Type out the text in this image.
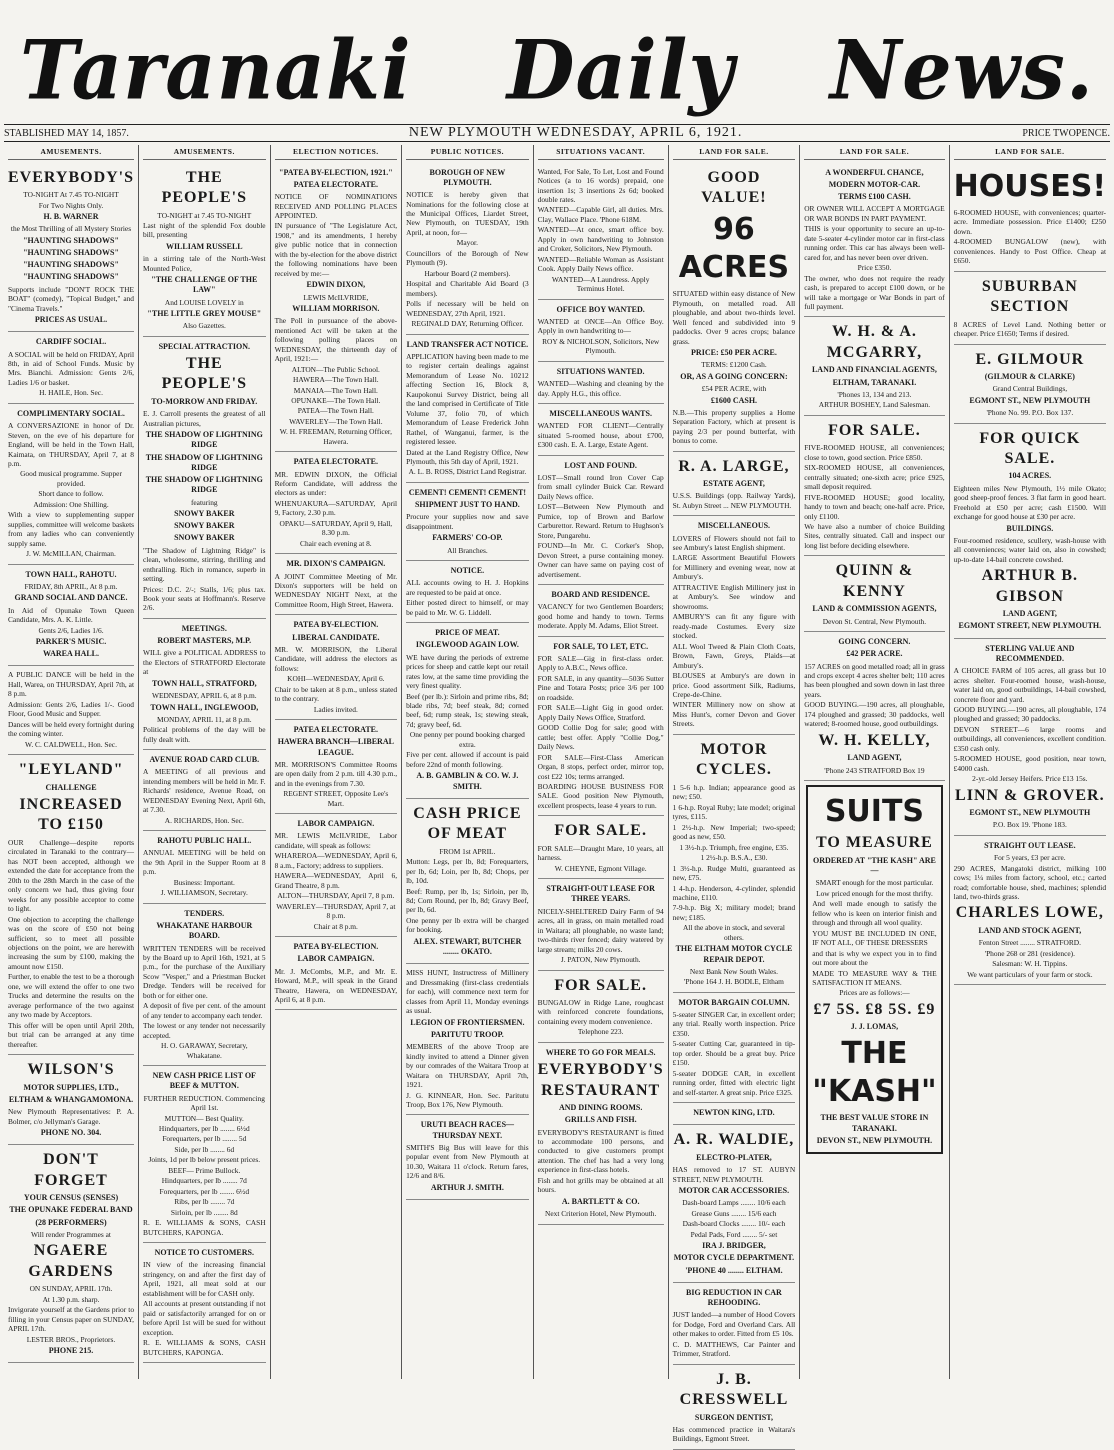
Taranaki Daily News.
STABLISHED MAY 14, 1857.	NEW PLYMOUTH WEDNESDAY, APRIL 6, 1921.	PRICE TWOPENCE.
AMUSEMENTS.
EVERYBODY'S
TO-NIGHT At 7.45 TO-NIGHT
For Two Nights Only.
H. B. WARNER
the Most Thrilling of all Mystery Stories
"HAUNTING SHADOWS"
"HAUNTING SHADOWS"
"HAUNTING SHADOWS"
"HAUNTING SHADOWS"
Supports include "DON'T ROCK THE BOAT" (comedy), "Topical Budget," and "Cinema Travels."
PRICES AS USUAL.
CARDIFF SOCIAL.
A SOCIAL will be held on FRIDAY, April 8th, in aid of School Funds. Music by Mrs. Bianchi. Admission: Gents 2/6, Ladies 1/6 or basket.
H. HAILE, Hon. Sec.
COMPLIMENTARY SOCIAL.
A CONVERSAZIONE in honor of Dr. Steven, on the eve of his departure for England, will be held in the Town Hall, Kaimata, on THURSDAY, April 7, at 8 p.m.
Good musical programme. Supper provided.
Short dance to follow.
Admission: One Shilling.
With a view to supplementing supper supplies, committee will welcome baskets from any ladies who can conveniently supply same.
J. W. McMILLAN, Chairman.
TOWN HALL, RAHOTU.
FRIDAY, 8th APRIL, At 8 p.m.
GRAND SOCIAL AND DANCE.
In Aid of Opunake Town Queen Candidate, Mrs. A. K. Little.
Gents 2/6, Ladies 1/6.
PARKER'S MUSIC.
WAREA HALL.
A PUBLIC DANCE will be held in the Hall, Warea, on THURSDAY, April 7th, at 8 p.m.
Admission: Gents 2/6, Ladies 1/-. Good Floor, Good Music and Supper.
Dances will be held every fortnight during the coming winter.
W. C. CALDWELL, Hon. Sec.
"LEYLAND"
CHALLENGE
INCREASED TO £150
OUR Challenge—despite reports circulated in Taranaki to the contrary—has NOT been accepted, although we extended the date for acceptance from the 20th to the 28th March in the case of the only concern we had, thus giving four weeks for any possible acceptor to come to light.
One objection to accepting the challenge was on the score of £50 not being sufficient, so to meet all possible objections on the point, we are herewith increasing the sum by £100, making the amount now £150.
Further, to enable the test to be a thorough one, we will extend the offer to one two Trucks and determine the results on the average performance of the two against any two made by Acceptors.
This offer will be open until April 20th, but trial can be arranged at any time thereafter.
WILSON'S
MOTOR SUPPLIES, LTD.,
ELTHAM & WHANGAMOMONA.
New Plymouth Representatives: P. A. Bolmer, c/o Jellyman's Garage.
PHONE NO. 304.
DON'T FORGET
YOUR CENSUS (SENSES)
THE OPUNAKE FEDERAL BAND
(28 PERFORMERS)
Will render Programmes at
NGAERE GARDENS
ON SUNDAY, APRIL 17th.
At 1.30 p.m. sharp.
Invigorate yourself at the Gardens prior to filling in your Census paper on SUNDAY, APRIL 17th.
LESTER BROS., Proprietors.
PHONE 215.
AMUSEMENTS.
THE PEOPLE'S
TO-NIGHT at 7.45 TO-NIGHT
Last night of the splendid Fox double bill, presenting
WILLIAM RUSSELL
in a stirring tale of the North-West Mounted Police,
"THE CHALLENGE OF THE LAW"
And LOUISE LOVELY in
"THE LITTLE GREY MOUSE"
Also Gazettes.
SPECIAL ATTRACTION.
THE PEOPLE'S
TO-MORROW AND FRIDAY.
E. J. Carroll presents the greatest of all Australian pictures,
THE SHADOW OF LIGHTNING RIDGE
THE SHADOW OF LIGHTNING RIDGE
THE SHADOW OF LIGHTNING RIDGE
featuring
SNOWY BAKER
SNOWY BAKER
SNOWY BAKER
"The Shadow of Lightning Ridge" is clean, wholesome, stirring, thrilling and enthralling. Rich in romance, superb in setting.
Prices: D.C. 2/-; Stalls, 1/6; plus tax. Book your seats at Hoffmann's. Reserve 2/6.
MEETINGS.
ROBERT MASTERS, M.P.
WILL give a POLITICAL ADDRESS to the Electors of STRATFORD Electorate at
TOWN HALL, STRATFORD,
WEDNESDAY, APRIL 6, at 8 p.m.
TOWN HALL, INGLEWOOD,
MONDAY, APRIL 11, at 8 p.m.
Political problems of the day will be fully dealt with.
AVENUE ROAD CARD CLUB.
A MEETING of all previous and intending members will be held in Mr. F. Richards' residence, Avenue Road, on WEDNESDAY Evening Next, April 6th, at 7.30.
A. RICHARDS, Hon. Sec.
RAHOTU PUBLIC HALL.
ANNUAL MEETING will be held on the 9th April in the Supper Room at 8 p.m.
Business: Important.
J. WILLIAMSON, Secretary.
TENDERS.
WHAKATANE HARBOUR BOARD.
WRITTEN TENDERS will be received by the Board up to April 16th, 1921, at 5 p.m., for the purchase of the Auxiliary Scow "Vesper," and a Priestman Bucket Dredge. Tenders will be received for both or for either one.
A deposit of five per cent. of the amount of any tender to accompany each tender.
The lowest or any tender not necessarily accepted.
H. O. GARAWAY, Secretary, Whakatane.
NEW CASH PRICE LIST OF BEEF & MUTTON.
FURTHER REDUCTION. Commencing April 1st.
MUTTON— Best Quality.
Hindquarters, per lb ........ 6½d
Forequarters, per lb ........ 5d
Side, per lb ........ 6d
Joints, 1d per lb below present prices.
BEEF— Prime Bullock.
Hindquarters, per lb ........ 7d
Forequarters, per lb ........ 6½d
Ribs, per lb ........ 7d
Sirloin, per lb ........ 8d
R. E. WILLIAMS & SONS, CASH BUTCHERS, KAPONGA.
NOTICE TO CUSTOMERS.
IN view of the increasing financial stringency, on and after the first day of April, 1921, all meat sold at our establishment will be for CASH only.
All accounts at present outstanding if not paid or satisfactorily arranged for on or before April 1st will be sued for without exception.
R. E. WILLIAMS & SONS, CASH BUTCHERS, KAPONGA.
ELECTION NOTICES.
"PATEA BY-ELECTION, 1921."
PATEA ELECTORATE.
NOTICE OF NOMINATIONS RECEIVED AND POLLING PLACES APPOINTED.
IN pursuance of "The Legislature Act, 1908," and its amendments, I hereby give public notice that in connection with the by-election for the above district the following nominations have been received by me:—
EDWIN DIXON,
LEWIS McILVRIDE,
WILLIAM MORRISON.
The Poll in pursuance of the above-mentioned Act will be taken at the following polling places on WEDNESDAY, the thirteenth day of April, 1921:—
ALTON—The Public School.
HAWERA—The Town Hall.
MANAIA—The Town Hall.
OPUNAKE—The Town Hall.
PATEA—The Town Hall.
WAVERLEY—The Town Hall.
W. H. FREEMAN, Returning Officer, Hawera.
PATEA ELECTORATE.
MR. EDWIN DIXON, the Official Reform Candidate, will address the electors as under:
WHENUAKURA—SATURDAY, April 9, Factory, 2.30 p.m.
OPAKU—SATURDAY, April 9, Hall, 8.30 p.m.
Chair each evening at 8.
MR. DIXON'S CAMPAIGN.
A JOINT Committee Meeting of Mr. Dixon's supporters will be held on WEDNESDAY NIGHT Next, at the Committee Room, High Street, Hawera.
PATEA BY-ELECTION.
LIBERAL CANDIDATE.
MR. W. MORRISON, the Liberal Candidate, will address the electors as follows:
KOHI—WEDNESDAY, April 6.
Chair to be taken at 8 p.m., unless stated to the contrary.
Ladies invited.
PATEA ELECTORATE.
HAWERA BRANCH—LIBERAL LEAGUE.
MR. MORRISON'S Committee Rooms are open daily from 2 p.m. till 4.30 p.m., and in the evenings from 7.30.
REGENT STREET, Opposite Lee's Mart.
LABOR CAMPAIGN.
MR. LEWIS McILVRIDE, Labor candidate, will speak as follows:
WHAREROA—WEDNESDAY, April 6, 8 a.m., Factory; address to suppliers.
HAWERA—WEDNESDAY, April 6, Grand Theatre, 8 p.m.
ALTON—THURSDAY, April 7, 8 p.m.
WAVERLEY—THURSDAY, April 7, at 8 p.m.
Chair at 8 p.m.
PATEA BY-ELECTION.
LABOR CAMPAIGN.
Mr. J. McCombs, M.P., and Mr. E. Howard, M.P., will speak in the Grand Theatre, Hawera, on WEDNESDAY, April 6, at 8 p.m.
PUBLIC NOTICES.
BOROUGH OF NEW PLYMOUTH.
NOTICE is hereby given that Nominations for the following close at the Municipal Offices, Liardet Street, New Plymouth, on TUESDAY, 19th April, at noon, for—
Mayor.
Councillors of the Borough of New Plymouth (9).
Harbour Board (2 members).
Hospital and Charitable Aid Board (3 members).
Polls if necessary will be held on WEDNESDAY, 27th April, 1921.
REGINALD DAY, Returning Officer.
LAND TRANSFER ACT NOTICE.
APPLICATION having been made to me to register certain dealings against Memorandum of Lease No. 10212 affecting Section 16, Block 8, Kaupokonui Survey District, being all the land comprised in Certificate of Title Volume 37, folio 70, of which Memorandum of Lease Frederick John Rathel, of Wanganui, farmer, is the registered lessee.
Dated at the Land Registry Office, New Plymouth, this 5th day of April, 1921.
A. L. B. ROSS, District Land Registrar.
CEMENT! CEMENT! CEMENT!
SHIPMENT JUST TO HAND.
Procure your supplies now and save disappointment.
FARMERS' CO-OP.
All Branches.
NOTICE.
ALL accounts owing to H. J. Hopkins are requested to be paid at once.
Either posted direct to himself, or may be paid to Mr. W. G. Liddell.
PRICE OF MEAT.
INGLEWOOD AGAIN LOW.
WE have during the periods of extreme prices for sheep and cattle kept our retail rates low, at the same time providing the very finest quality.
Beef (per lb.): Sirloin and prime ribs, 8d; blade ribs, 7d; beef steak, 8d; corned beef, 6d; rump steak, 1s; stewing steak, 7d; gravy beef, 6d.
One penny per pound booking charged extra.
Five per cent. allowed if account is paid before 22nd of month following.
A. B. GAMBLIN & CO. W. J. SMITH.
CASH PRICE OF MEAT
FROM 1st APRIL.
Mutton: Legs, per lb, 8d; Forequarters, per lb, 6d; Loin, per lb, 8d; Chops, per lb, 10d.
Beef: Rump, per lb, 1s; Sirloin, per lb, 8d; Corn Round, per lb, 8d; Gravy Beef, per lb, 6d.
One penny per lb extra will be charged for booking.
ALEX. STEWART, BUTCHER ........ OKATO.
MISS HUNT, Instructress of Millinery and Dressmaking (first-class credentials for each), will commence next term for classes from April 11, Monday evenings as usual.
LEGION OF FRONTIERSMEN.
PARITUTU TROOP.
MEMBERS of the above Troop are kindly invited to attend a Dinner given by our comrades of the Waitara Troop at Waitara on THURSDAY, April 7th, 1921.
J. G. KINNEAR, Hon. Sec. Paritutu Troop, Box 176, New Plymouth.
URUTI BEACH RACES—THURSDAY NEXT.
SMITH'S Big Bus will leave for this popular event from New Plymouth at 10.30, Waitara 11 o'clock. Return fares, 12/6 and 8/6.
ARTHUR J. SMITH.
SITUATIONS VACANT.
Wanted, For Sale, To Let, Lost and Found Notices (a to 16 words) prepaid, one insertion 1s; 3 insertions 2s 6d; booked double rates.
WANTED—Capable Girl, all duties. Mrs. Clay, Wallace Place. 'Phone 618M.
WANTED—At once, smart office boy. Apply in own handwriting to Johnston and Croker, Solicitors, New Plymouth.
WANTED—Reliable Woman as Assistant Cook. Apply Daily News office.
WANTED—A Laundress. Apply Terminus Hotel.
OFFICE BOY WANTED.
WANTED at ONCE—An Office Boy. Apply in own handwriting to—
ROY & NICHOLSON, Solicitors, New Plymouth.
SITUATIONS WANTED.
WANTED—Washing and cleaning by the day. Apply H.G., this office.
MISCELLANEOUS WANTS.
WANTED FOR CLIENT—Centrally situated 5-roomed house, about £700, £300 cash. E. A. Large, Estate Agent.
LOST AND FOUND.
LOST—Small round Iron Cover Cap from small cylinder Buick Car. Reward Daily News office.
LOST—Between New Plymouth and Pumice, top of Brown and Barlow Carburettor. Reward. Return to Hughson's Store, Pungarehu.
FOUND—In Mr. C. Corker's Shop, Devon Street, a purse containing money. Owner can have same on paying cost of advertisement.
BOARD AND RESIDENCE.
VACANCY for two Gentlemen Boarders; good home and handy to town. Terms moderate. Apply M. Adams, Eliot Street.
FOR SALE, TO LET, ETC.
FOR SALE—Gig in first-class order. Apply to A.B.C., News office.
FOR SALE, in any quantity—5036 Sutter Pine and Totara Posts; price 3/6 per 100 on roadside.
FOR SALE—Light Gig in good order. Apply Daily News Office, Stratford.
GOOD Collie Dog for sale; good with cattle; best offer. Apply "Collie Dog," Daily News.
FOR SALE—First-Class American Organ, 8 stops, perfect order, mirror top, cost £22 10s; terms arranged.
BOARDING HOUSE BUSINESS FOR SALE. Good position New Plymouth, excellent prospects, lease 4 years to run.
FOR SALE.
FOR SALE—Draught Mare, 10 years, all harness.
W. CHEYNE, Egmont Village.
STRAIGHT-OUT LEASE FOR THREE YEARS.
NICELY-SHELTERED Dairy Farm of 94 acres, all in grass, on main metalled road in Waitara; all ploughable, no waste land; two-thirds river fenced; dairy watered by large stream; milks 20 cows.
J. PATON, New Plymouth.
FOR SALE.
BUNGALOW in Ridge Lane, roughcast with reinforced concrete foundations, containing every modern convenience.
Telephone 223.
WHERE TO GO FOR MEALS.
EVERYBODY'S RESTAURANT
AND DINING ROOMS.
GRILLS AND FISH.
EVERYBODY'S RESTAURANT is fitted to accommodate 100 persons, and conducted to give customers prompt attention. The chef has had a very long experience in first-class hotels.
Fish and hot grills may be obtained at all hours.
A. BARTLETT & CO.
Next Criterion Hotel, New Plymouth.
LAND FOR SALE.
GOOD VALUE!
96 ACRES
SITUATED within easy distance of New Plymouth, on metalled road. All ploughable, and about two-thirds level. Well fenced and subdivided into 9 paddocks. Over 9 acres crops; balance grass.
PRICE: £50 PER ACRE.
TERMS: £1200 Cash.
OR, AS A GOING CONCERN:
£54 PER ACRE, with
£1600 CASH.
N.B.—This property supplies a Home Separation Factory, which at present is paying 2/3 per pound butterfat, with bonus to come.
R. A. LARGE,
ESTATE AGENT,
U.S.S. Buildings (opp. Railway Yards), St. Aubyn Street ... NEW PLYMOUTH.
MISCELLANEOUS.
LOVERS of Flowers should not fail to see Ambury's latest English shipment.
LARGE Assortment Beautiful Flowers for Millinery and evening wear, now at Ambury's.
ATTRACTIVE English Millinery just in at Ambury's. See window and showrooms.
AMBURY'S can fit any figure with ready-made Costumes. Every size stocked.
ALL Wool Tweed & Plain Cloth Coats, Brown, Fawn, Greys, Plaids—at Ambury's.
BLOUSES at Ambury's are down in price. Good assortment Silk, Radiums, Crepe-de-Chine.
WINTER Millinery now on show at Miss Hunt's, corner Devon and Gover Streets.
MOTOR CYCLES.
1 5-6 h.p. Indian; appearance good as new; £50.
1 6-h.p. Royal Ruby; late model; original tyres, £115.
1 2½-h.p. New Imperial; two-speed; good as new, £50.
1 3½-h.p. Triumph, free engine, £35.
1 2½-h.p. B.S.A., £30.
1 3½-h.p. Rudge Multi, guaranteed as new, £75.
1 4-h.p. Henderson, 4-cylinder, splendid machine, £110.
7-9-h.p. Big X; military model; brand new; £185.
All the above in stock, and several others.
THE ELTHAM MOTOR CYCLE REPAIR DEPOT.
Next Bank New South Wales.
'Phone 164 J. H. BODLE, Eltham
MOTOR BARGAIN COLUMN.
5-seater SINGER Car, in excellent order; any trial. Really worth inspection. Price £350.
5-seater Cutting Car, guaranteed in tip-top order. Should be a great buy. Price £150.
5-seater DODGE CAR, in excellent running order, fitted with electric light and self-starter. A great snip. Price £325.
NEWTON KING, LTD.
A. R. WALDIE,
ELECTRO-PLATER,
HAS removed to 17 ST. AUBYN STREET, NEW PLYMOUTH.
MOTOR CAR ACCESSORIES.
Dash-board Lamps ........ 10/6 each
Grease Guns ........ 15/6 each
Dash-board Clocks ........ 10/- each
Pedal Pads, Ford ........ 5/- set
IRA J. BRIDGER,
MOTOR CYCLE DEPARTMENT.
'PHONE 40 ........ ELTHAM.
BIG REDUCTION IN CAR REHOODING.
JUST landed—a number of Hood Covers for Dodge, Ford and Overland Cars. All other makes to order. Fitted from £5 10s.
C. D. MATTHEWS, Car Painter and Trimmer, Stratford.
J. B. CRESSWELL
SURGEON DENTIST,
Has commenced practice in Waitara's Buildings, Egmont Street.
LAND FOR SALE.
A WONDERFUL CHANCE,
MODERN MOTOR-CAR.
TERMS £100 CASH.
OR OWNER WILL ACCEPT A MORTGAGE OR WAR BONDS IN PART PAYMENT.
THIS is your opportunity to secure an up-to-date 5-seater 4-cylinder motor car in first-class running order. This car has always been well-cared for, and has never been over driven.
Price £350.
The owner, who does not require the ready cash, is prepared to accept £100 down, or he will take a mortgage or War Bonds in part of full payment.
W. H. & A. MCGARRY,
LAND AND FINANCIAL AGENTS,
ELTHAM, TARANAKI.
'Phones 13, 134 and 213.
ARTHUR BOSHEY, Land Salesman.
FOR SALE.
FIVE-ROOMED HOUSE, all conveniences; close to town, good section. Price £850.
SIX-ROOMED HOUSE, all conveniences, centrally situated; one-sixth acre; price £925, small deposit required.
FIVE-ROOMED HOUSE; good locality, handy to town and beach; one-half acre. Price, only £1100.
We have also a number of choice Building Sites, centrally situated. Call and inspect our long list before deciding elsewhere.
QUINN & KENNY
LAND & COMMISSION AGENTS,
Devon St. Central, New Plymouth.
GOING CONCERN.
£42 PER ACRE.
157 ACRES on good metalled road; all in grass and crops except 4 acres shelter belt; 110 acres has been ploughed and sown down in last three years.
GOOD BUYING.—190 acres, all ploughable, 174 ploughed and grassed; 30 paddocks, well watered; 8-roomed house, good outbuildings.
W. H. KELLY,
LAND AGENT,
'Phone 243 STRATFORD Box 19
SUITS
TO MEASURE
ORDERED AT "THE KASH" ARE—
SMART enough for the most particular.
Low priced enough for the most thrifty.
And well made enough to satisfy the fellow who is keen on interior finish and through and through all wool quality.
YOU MUST BE INCLUDED IN ONE, IF NOT ALL, OF THESE DRESSERS
and that is why we expect you in to find out more about the
MADE TO MEASURE WAY & THE SATISFACTION IT MEANS.
Prices are as follows:—
£7 5S. £8 5S. £9
J. J. LOMAS,
THE "KASH"
THE BEST VALUE STORE IN TARANAKI.
DEVON ST., NEW PLYMOUTH.
LAND FOR SALE.
HOUSES!
6-ROOMED HOUSE, with conveniences; quarter-acre. Immediate possession. Price £1400; £250 down.
4-ROOMED BUNGALOW (new), with conveniences. Handy to Post Office. Cheap at £650.
SUBURBAN SECTION
8 ACRES of Level Land. Nothing better or cheaper. Price £1650; Terms if desired.
E. GILMOUR
(GILMOUR & CLARKE)
Grand Central Buildings,
EGMONT ST., NEW PLYMOUTH
'Phone No. 99. P.O. Box 137.
FOR QUICK SALE.
104 ACRES.
Eighteen miles New Plymouth, 1½ mile Okato; good sheep-proof fences. 3 flat farm in good heart. Freehold at £50 per acre; cash £1500. Will exchange for good house at £30 per acre.
BUILDINGS.
Four-roomed residence, scullery, wash-house with all conveniences; water laid on, also in cowshed; up-to-date 14-bail concrete cowshed.
ARTHUR B. GIBSON
LAND AGENT,
EGMONT STREET, NEW PLYMOUTH.
STERLING VALUE AND RECOMMENDED.
A CHOICE FARM of 105 acres, all grass but 10 acres shelter. Four-roomed house, wash-house, water laid on, good outbuildings, 14-bail cowshed, concrete floor and yard.
GOOD BUYING.—190 acres, all ploughable, 174 ploughed and grassed; 30 paddocks.
DEVON STREET—6 large rooms and outbuildings, all conveniences, excellent condition. £350 cash only.
5-ROOMED HOUSE, good position, near town, £4000 cash.
2-yr.-old Jersey Heifers. Price £13 15s.
LINN & GROVER.
EGMONT ST., NEW PLYMOUTH
P.O. Box 19. 'Phone 183.
STRAIGHT OUT LEASE.
For 5 years, £3 per acre.
290 ACRES, Mangatoki district, milking 100 cows; 1¼ miles from factory, school, etc.; carted road; comfortable house, shed, machines; splendid land, two-thirds grass.
CHARLES LOWE,
LAND AND STOCK AGENT,
Fenton Street ........ STRATFORD.
'Phone 268 or 281 (residence).
Salesman: W. H. Tippins.
We want particulars of your farm or stock.
